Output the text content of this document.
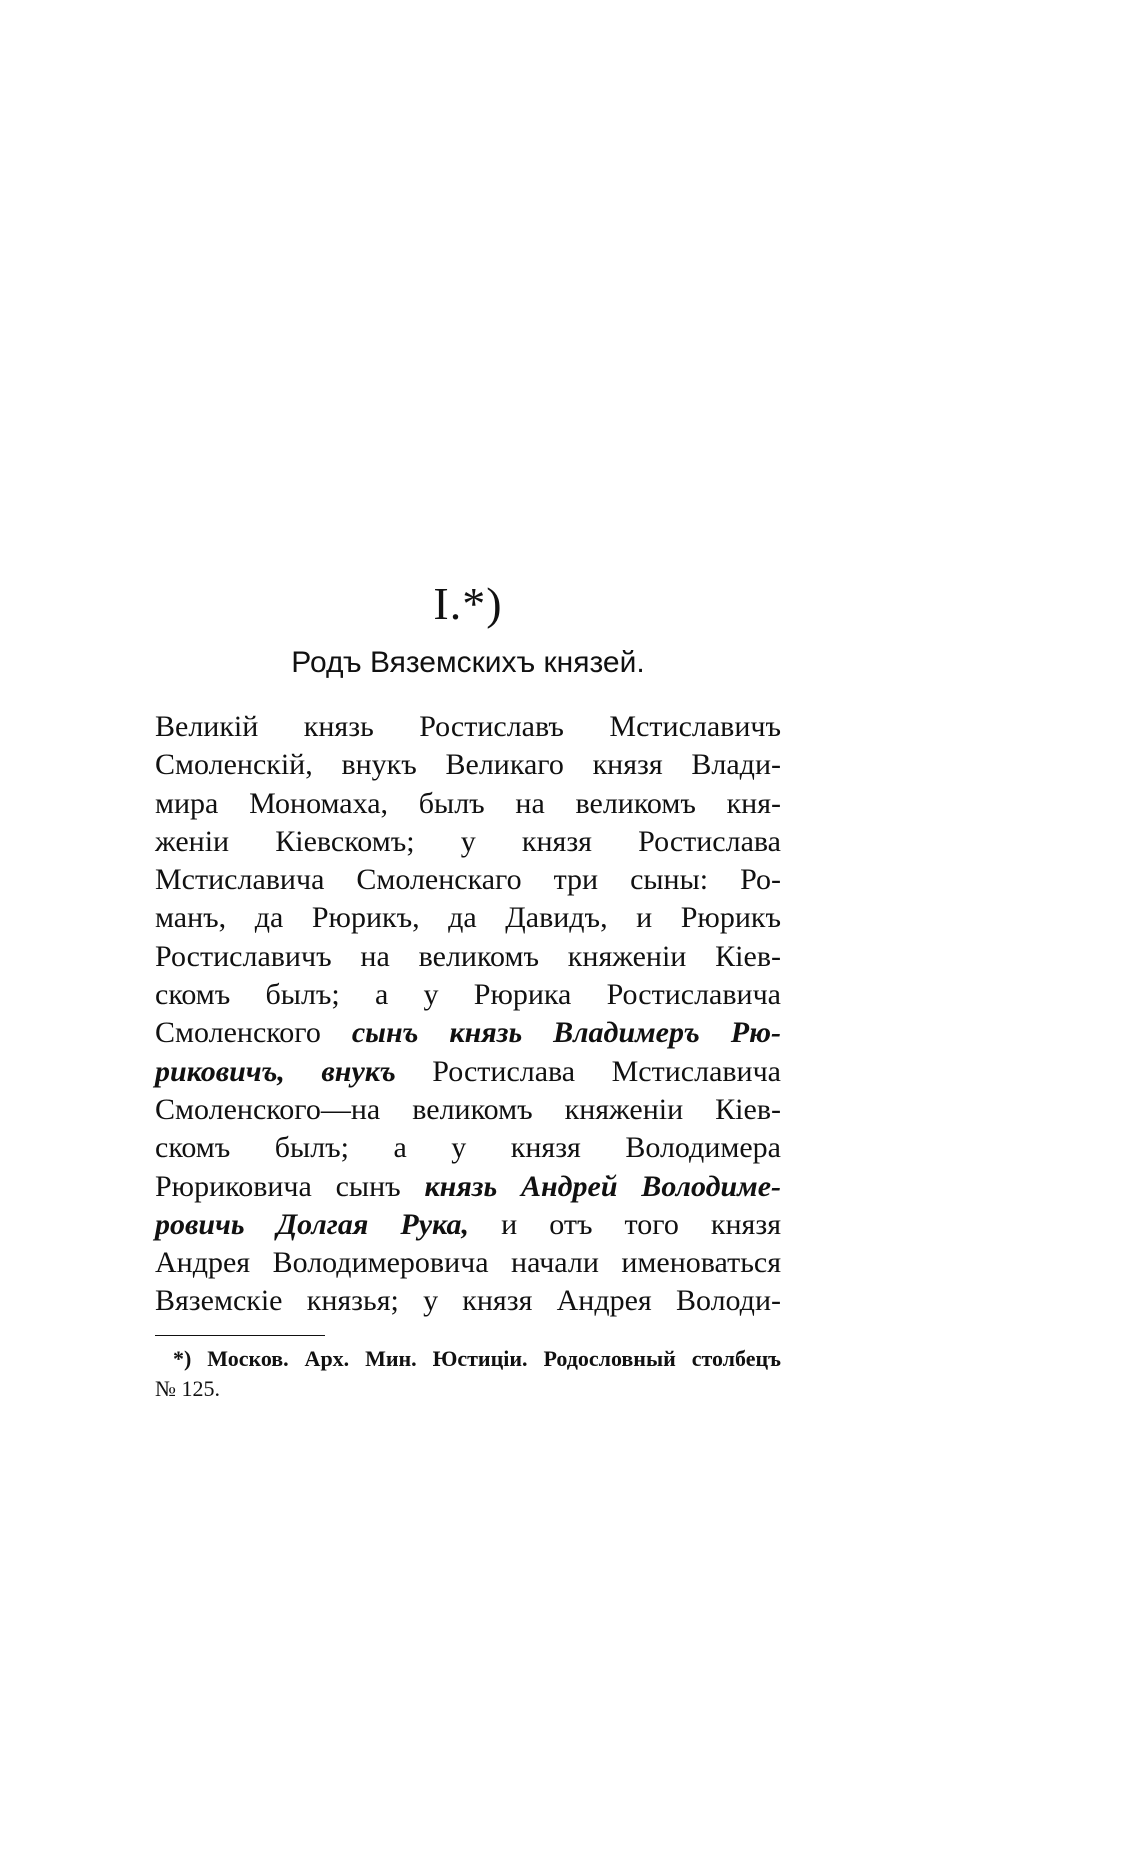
I.*)
Родъ Вяземскихъ князей.
Великій князь Ростиславъ Мстиславичъ
Смоленскій, внукъ Великаго князя Влади-
мира Мономаха, былъ на великомъ кня-
женіи Кіевскомъ; у князя Ростислава
Мстиславича Смоленскаго три сыны: Ро-
манъ, да Рюрикъ, да Давидъ, и Рюрикъ
Ростиславичъ на великомъ княженіи Кіев-
скомъ былъ; а у Рюрика Ростиславича
Смоленского сынъ князь Владимеръ Рю-
риковичъ, внукъ Ростислава Мстиславича
Смоленского—на великомъ княженіи Кіев-
скомъ былъ; а у князя Володимера
Рюриковича сынъ князь Андрей Володиме-
ровичь Долгая Рука, и отъ того князя
Андрея Володимеровича начали именоваться
Вяземскіе князья; у князя Андрея Володи-
*) Москов. Арх. Мин. Юстиціи. Родословный столбецъ
№ 125.
